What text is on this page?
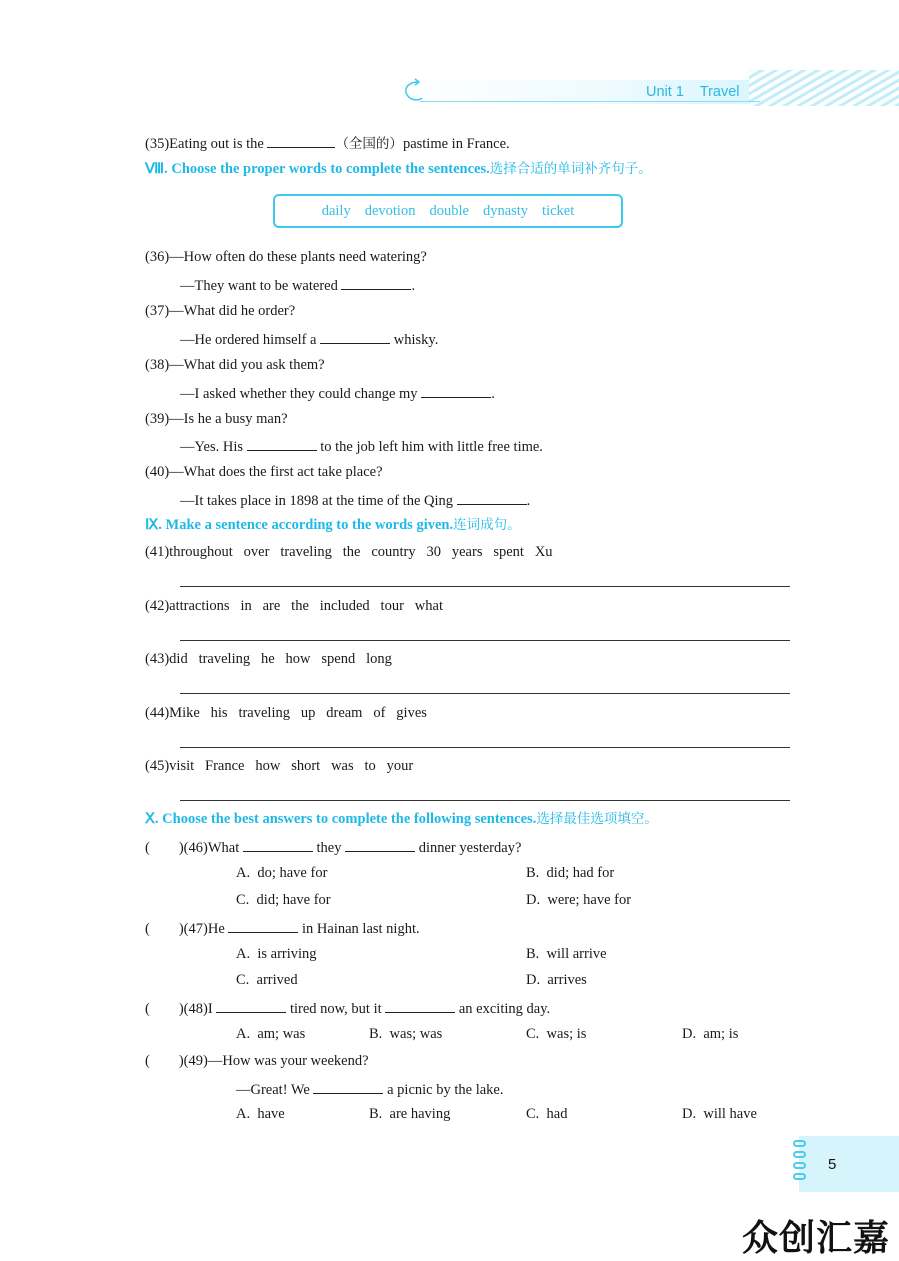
Unit 1 Travel
(35)Eating out is the	（全国的）pastime in France.
Ⅷ. Choose the proper words to complete the sentences.选择合适的单词补齐句子。
daily devotion double dynasty ticket
(36)—How often do these plants need watering?
—They want to be watered	.
(37)—What did he order?
—He ordered himself a	whisky.
(38)—What did you ask them?
—I asked whether they could change my	.
(39)—Is he a busy man?
—Yes. His	to the job left him with little free time.
(40)—What does the first act take place?
—It takes place in 1898 at the time of the Qing	.
Ⅸ. Make a sentence according to the words given.连词成句。
(41)throughout   over   traveling   the   country   30   years   spent   Xu
(42)attractions   in   are   the   included   tour   what
(43)did   traveling   he   how   spend   long
(44)Mike   his   traveling   up   dream   of   gives
(45)visit   France   how   short   was   to   your
Ⅹ. Choose the best answers to complete the following sentences.选择最佳选项填空。
(        )(46)What	they	dinner yesterday?
A.  do; have for	B.  did; had for
C.  did; have for	D.  were; have for
(        )(47)He	in Hainan last night.
A.  is arriving	B.  will arrive
C.  arrived	D.  arrives
(        )(48)I	tired now, but it	an exciting day.
A.  am; was	B.  was; was	C.  was; is	D.  am; is
(        )(49)—How was your weekend?
—Great! We	a picnic by the lake.
A.  have	B.  are having	C.  had	D.  will have
5
众创汇嘉
